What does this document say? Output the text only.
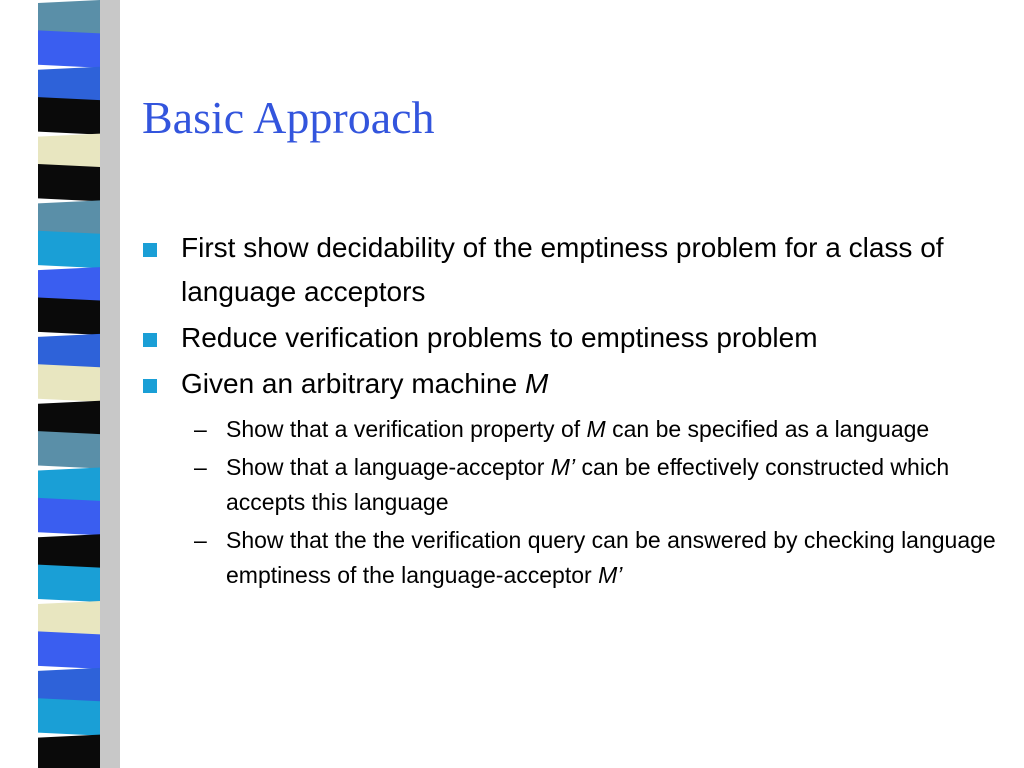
Basic Approach
First show decidability of the emptiness problem for a class of language acceptors
Reduce verification problems to emptiness problem
Given an arbitrary machine M
– Show that a verification property of M can be specified as a language
– Show that a language-acceptor M’ can be effectively constructed which accepts this language
– Show that the the verification query can be answered by checking language emptiness of the language-acceptor M’
